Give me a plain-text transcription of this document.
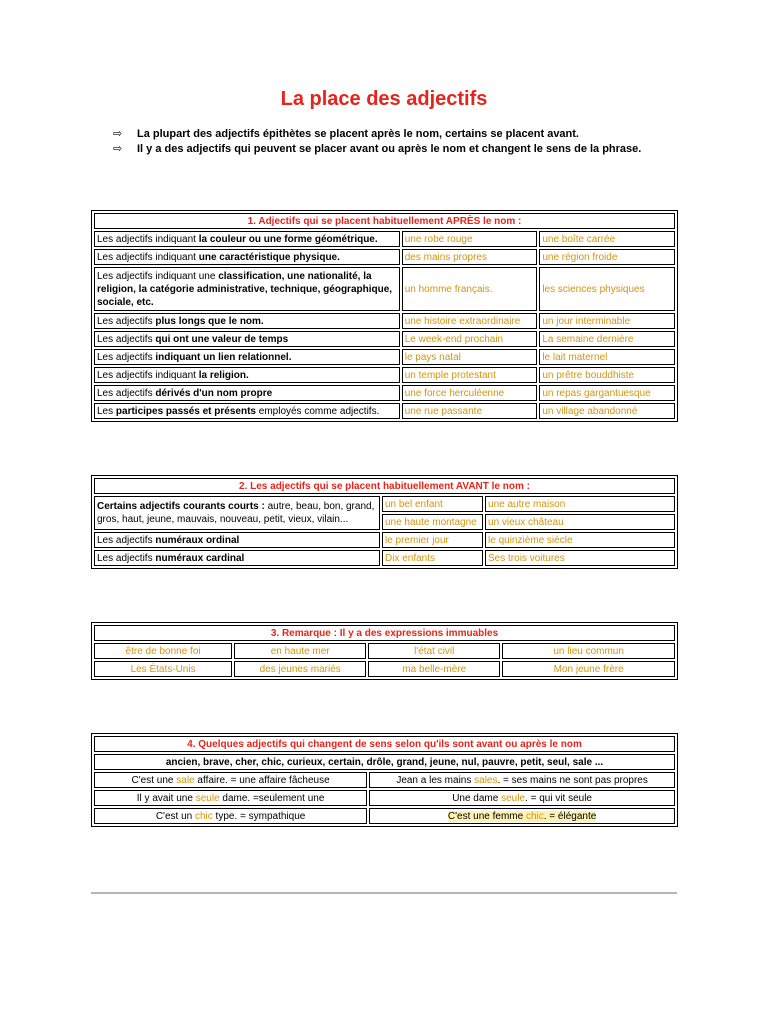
La place des adjectifs
⇨	La plupart des adjectifs épithètes se placent après le nom, certains se placent avant.
⇨	Il y a des adjectifs qui peuvent se placer avant ou après le nom et changent le sens de la phrase.
1. Adjectifs qui se placent habituellement APRÈS le nom :		
Les adjectifs indiquant la couleur ou une forme géométrique.	une robe rouge	une boîte carrée
Les adjectifs indiquant une caractéristique physique.	des mains propres	une région froide
Les adjectifs indiquant une classification, une nationalité, la religion, la catégorie administrative, technique, géographique, sociale, etc.	un homme français.	les sciences physiques
Les adjectifs plus longs que le nom.	une histoire extraordinaire	un jour interminable
Les adjectifs qui ont une valeur de temps	Le week-end prochain	La semaine dernière
Les adjectifs indiquant un lien relationnel.	le pays natal	le lait maternel
Les adjectifs indiquant la religion.	un temple protestant	un prêtre bouddhiste
Les adjectifs dérivés d'un nom propre	une force herculéenne	un repas gargantuesque
Les participes passés et présents employés comme adjectifs.	une rue passante	un village abandonné
2. Les adjectifs qui se placent habituellement AVANT le nom :		
Certains adjectifs courants courts : autre, beau, bon, grand, gros, haut, jeune, mauvais, nouveau, petit, vieux, vilain...	un bel enfant	une autre maison
	une haute montagne	un vieux château
Les adjectifs numéraux ordinal	le premier jour	le quinzième siècle
Les adjectifs numéraux cardinal	Dix enfants	Ses trois voitures
3. Remarque : Il y a des expressions immuables			
être de bonne foi	en haute mer	l'état civil	un lieu commun
Les États-Unis	des jeunes mariés	ma belle-mère	Mon jeune frère
4. Quelques adjectifs qui changent de sens selon qu'ils sont avant ou après le nom	
ancien, brave, cher, chic, curieux, certain, drôle, grand, jeune, nul, pauvre, petit, seul, sale ...	
C'est une sale affaire. = une affaire fâcheuse	Jean a les mains sales. = ses mains ne sont pas propres
Il y avait une seule dame. =seulement une	Une dame seule. = qui vit seule
C'est un chic type. = sympathique	C'est une femme chic. = élégante
